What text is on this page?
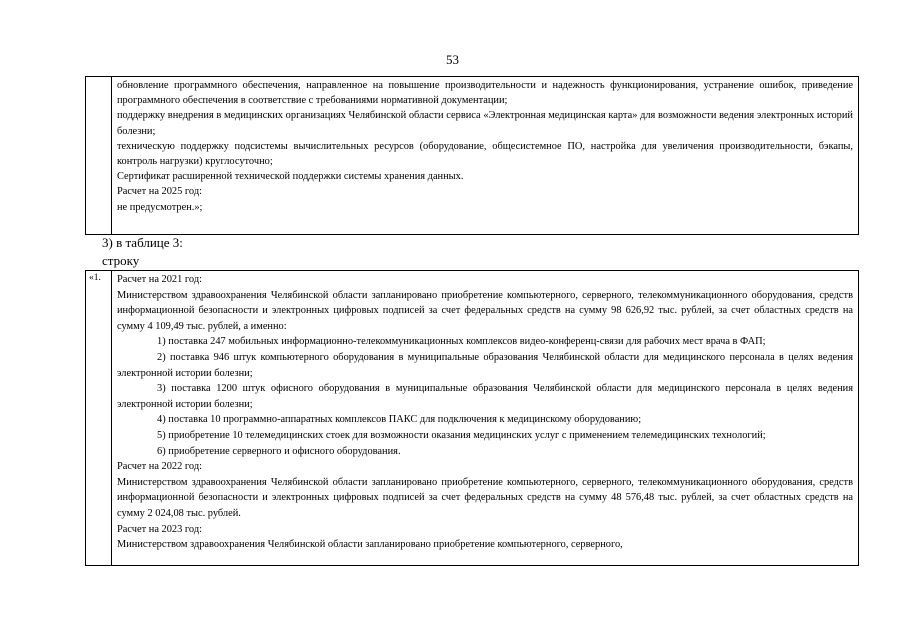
53

обновление программного обеспечения, направленное на повышение производительности и надежность функционирования, устранение ошибок, приведение программного обеспечения в соответствие с требованиями нормативной документации;

поддержку внедрения в медицинских организациях Челябинской области сервиса «Электронная медицинская карта» для возможности ведения электронных историй болезни;

техническую поддержку подсистемы вычислительных ресурсов (оборудование, общесистемное ПО, настройка для увеличения производительности, бэкапы, контроль нагрузки) круглосуточно;

Сертификат расширенной технической поддержки системы хранения данных.

Расчет на 2025 год:

не предусмотрен.»;

3) в таблице 3:
строку
«1.	Расчет на 2021 год:

Министерством здравоохранения Челябинской области запланировано приобретение компьютерного, серверного, телекоммуникационного оборудования, средств информационной безопасности и электронных цифровых подписей за счет федеральных средств на сумму 98 626,92 тыс. рублей, за счет областных средств на сумму 4 109,49 тыс. рублей, а именно:

1) поставка 247 мобильных информационно-телекоммуникационных комплексов видео-конференц-связи для рабочих мест врача в ФАП;

2) поставка 946 штук компьютерного оборудования в муниципальные образования Челябинской области для медицинского персонала в целях ведения электронной истории болезни;

3) поставка 1200 штук офисного оборудования в муниципальные образования Челябинской области для медицинского персонала в целях ведения электронной истории болезни;

4) поставка 10 программно-аппаратных комплексов ПАКС для подключения к медицинскому оборудованию;

5) приобретение 10 телемедицинских стоек для возможности оказания медицинских услуг с применением телемедицинских технологий;

6) приобретение серверного и офисного оборудования.

Расчет на 2022 год:

Министерством здравоохранения Челябинской области запланировано приобретение компьютерного, серверного, телекоммуникационного оборудования, средств информационной безопасности и электронных цифровых подписей за счет федеральных средств на сумму 48 576,48 тыс. рублей, за счет областных средств на сумму 2 024,08 тыс. рублей.

Расчет на 2023 год:

Министерством здравоохранения Челябинской области запланировано приобретение компьютерного, серверного,
